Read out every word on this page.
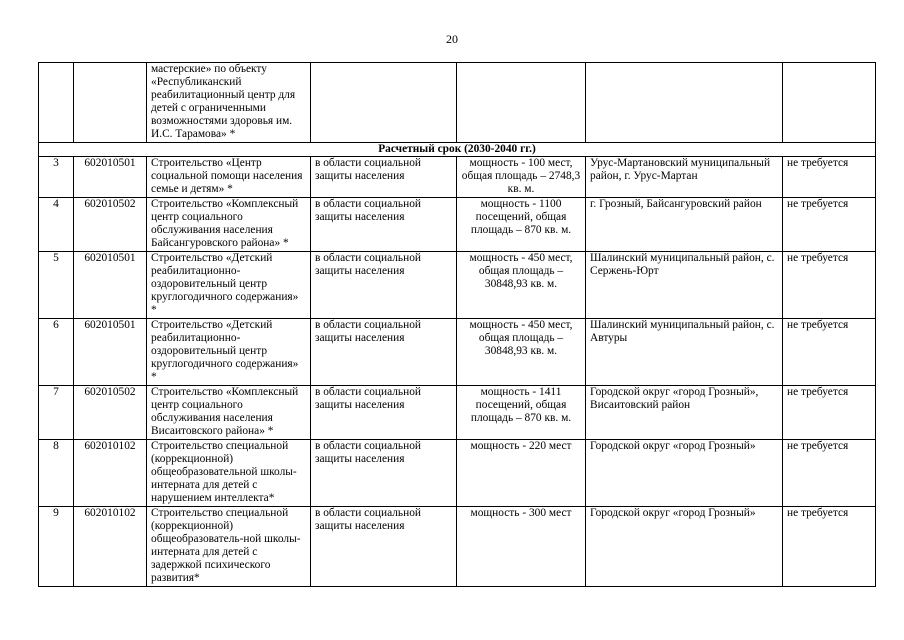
20
		мастерские» по объекту «Республиканский реабилитационный центр для детей с ограниченными возможностями здоровья им. И.С. Тарамова» *				
Расчетный срок (2030-2040 гг.)						
3	602010501	Строительство «Центр социальной помощи населения семье и детям» *	в области социальной защиты населения	мощность - 100 мест, общая площадь – 2748,3 кв. м.	Урус-Мартановский муниципальный район, г. Урус-Мартан	не требуется
4	602010502	Строительство «Комплексный центр социального обслуживания населения Байсангуровского района» *	в области социальной защиты населения	мощность - 1100 посещений, общая площадь – 870 кв. м.	г. Грозный, Байсангуровский район	не требуется
5	602010501	Строительство «Детский реабилитационно-оздоровительный центр круглогодичного содержания» *	в области социальной защиты населения	мощность - 450 мест, общая площадь – 30848,93 кв. м.	Шалинский муниципальный район, с. Сержень-Юрт	не требуется
6	602010501	Строительство «Детский реабилитационно-оздоровительный центр круглогодичного содержания» *	в области социальной защиты населения	мощность - 450 мест, общая площадь – 30848,93 кв. м.	Шалинский муниципальный район, с. Автуры	не требуется
7	602010502	Строительство «Комплексный центр социального обслуживания населения Висаитовского района» *	в области социальной защиты населения	мощность - 1411 посещений, общая площадь – 870 кв. м.	Городской округ «город Грозный», Висаитовский район	не требуется
8	602010102	Строительство специальной (коррекционной) общеобразовательной школы-интерната для детей с нарушением интеллекта*	в области социальной защиты населения	мощность - 220 мест	Городской округ «город Грозный»	не требуется
9	602010102	Строительство специальной (коррекционной) общеобразователь-ной школы-интерната для детей с задержкой психического развития*	в области социальной защиты населения	мощность - 300 мест	Городской округ «город Грозный»	не требуется
